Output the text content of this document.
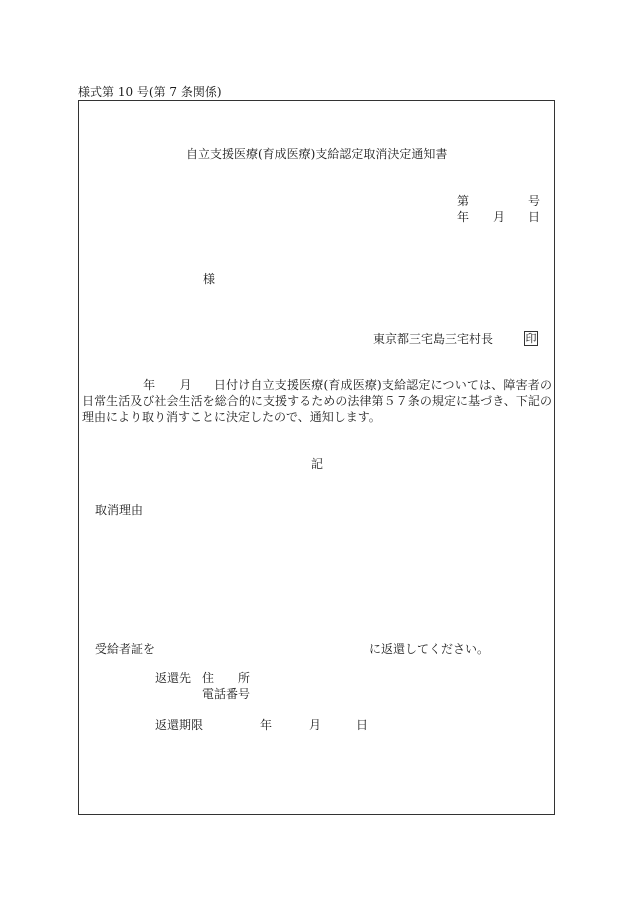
様式第 10 号(第 7 条関係)
自立支援医療(育成医療)支給認定取消決定通知書
第	号
年 月 日
様
東京都三宅島三宅村長	印
年 月 日付け自立支援医療(育成医療)支給認定については、障害者の日常生活及び社会生活を総合的に支援するための法律第５７条の規定に基づき、下記の理由により取り消すことに決定したので、通知します。
記
取消理由
受給者証を	に返還してください。
返還先 住　　所
電話番号
返還期限	年	月	日
